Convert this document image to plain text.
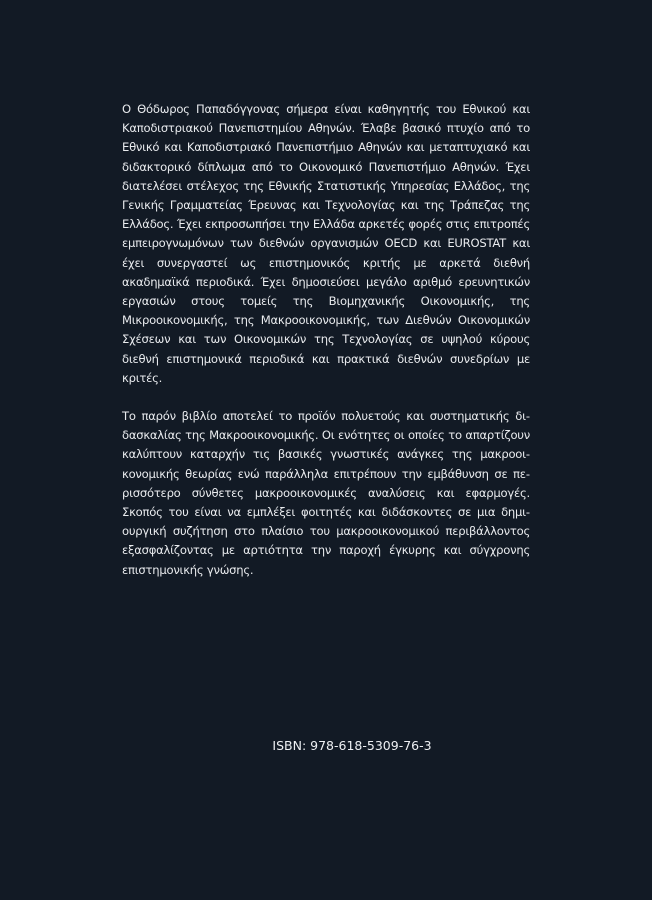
Ο Θόδωρος Παπαδόγγονας σήμερα είναι καθηγητής του Εθνικού και Καποδιστριακού Πανεπιστημίου Αθηνών. Έλαβε βασικό πτυχίο από το Εθνικό και Καποδιστριακό Πανεπιστήμιο Αθηνών και μεταπτυχιακό και διδακτορικό δίπλωμα από το Οικονομικό Πανεπιστήμιο Αθηνών. Έχει διατελέσει στέλεχος της Εθνικής Στατιστικής Υπηρεσίας Ελλάδος, της Γενικής Γραμματείας Έρευνας και Τεχνολογίας και της Τράπεζας της Ελλάδος. Έχει εκπροσωπήσει την Ελλάδα αρκετές φορές στις επιτροπές εμπειρογνωμόνων των διεθνών οργανισμών OECD και EUROSTAT και έχει συνεργαστεί ως επιστημονικός κριτής με αρκετά διεθνή ακαδημαϊκά περιοδικά. Έχει δημοσιεύσει μεγάλο αριθμό ερευνητικών εργασιών στους τομείς της Βιομηχανικής Οικονομικής, της Μικροοικονομικής, της Μακροοικονομικής, των Διεθνών Οικονομικών Σχέσεων και των Οικονομικών της Τεχνολογίας σε υψηλού κύρους διεθνή επιστημονικά περιοδικά και πρακτικά διεθνών συνεδρίων με κριτές.

Το παρόν βιβλίο αποτελεί το προϊόν πολυετούς και συστηματικής διδασκαλίας της Μακροοικονομικής. Οι ενότητες οι οποίες το απαρτίζουν καλύπτουν καταρχήν τις βασικές γνωστικές ανάγκες της μακροοικονομικής θεωρίας ενώ παράλληλα επιτρέπουν την εμβάθυνση σε περισσότερο σύνθετες μακροοικονομικές αναλύσεις και εφαρμογές. Σκοπός του είναι να εμπλέξει φοιτητές και διδάσκοντες σε μια δημιουργική συζήτηση στο πλαίσιο του μακροοικονομικού περιβάλλοντος εξασφαλίζοντας με αρτιότητα την παροχή έγκυρης και σύγχρονης επιστημονικής γνώσης.

ISBN: 978-618-5309-76-3
